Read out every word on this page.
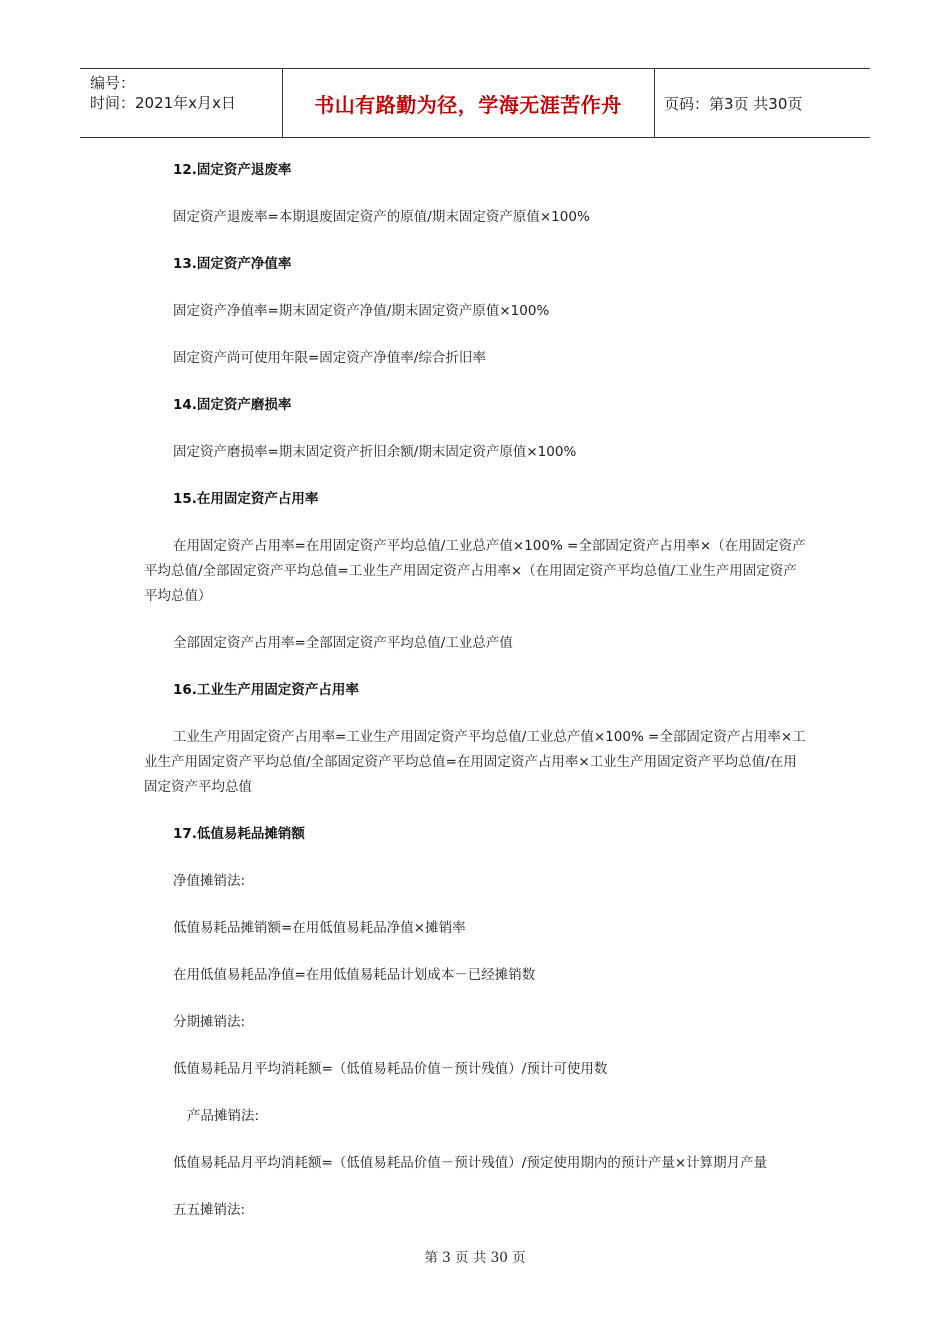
编号：
时间：2021年x月x日	书山有路勤为径，学海无涯苦作舟	页码：第3页 共30页

12.固定资产退废率

固定资产退废率=本期退废固定资产的原值/期末固定资产原值×100%

13.固定资产净值率

固定资产净值率=期末固定资产净值/期末固定资产原值×100%

固定资产尚可使用年限=固定资产净值率/综合折旧率

14.固定资产磨损率

固定资产磨损率=期末固定资产折旧余额/期末固定资产原值×100%

15.在用固定资产占用率

在用固定资产占用率=在用固定资产平均总值/工业总产值×100% =全部固定资产占用率×（在用固定资产平均总值/全部固定资产平均总值=工业生产用固定资产占用率×（在用固定资产平均总值/工业生产用固定资产平均总值）

全部固定资产占用率=全部固定资产平均总值/工业总产值

16.工业生产用固定资产占用率

工业生产用固定资产占用率=工业生产用固定资产平均总值/工业总产值×100% =全部固定资产占用率×工业生产用固定资产平均总值/全部固定资产平均总值=在用固定资产占用率×工业生产用固定资产平均总值/在用固定资产平均总值

17.低值易耗品摊销额

净值摊销法:

低值易耗品摊销额=在用低值易耗品净值×摊销率

在用低值易耗品净值=在用低值易耗品计划成本－已经摊销数

分期摊销法:

低值易耗品月平均消耗额=（低值易耗品价值－预计残值）/预计可使用数

产品摊销法:

低值易耗品月平均消耗额=（低值易耗品价值－预计残值）/预定使用期内的预计产量×计算期月产量

五五摊销法:

第 3 页 共 30 页
